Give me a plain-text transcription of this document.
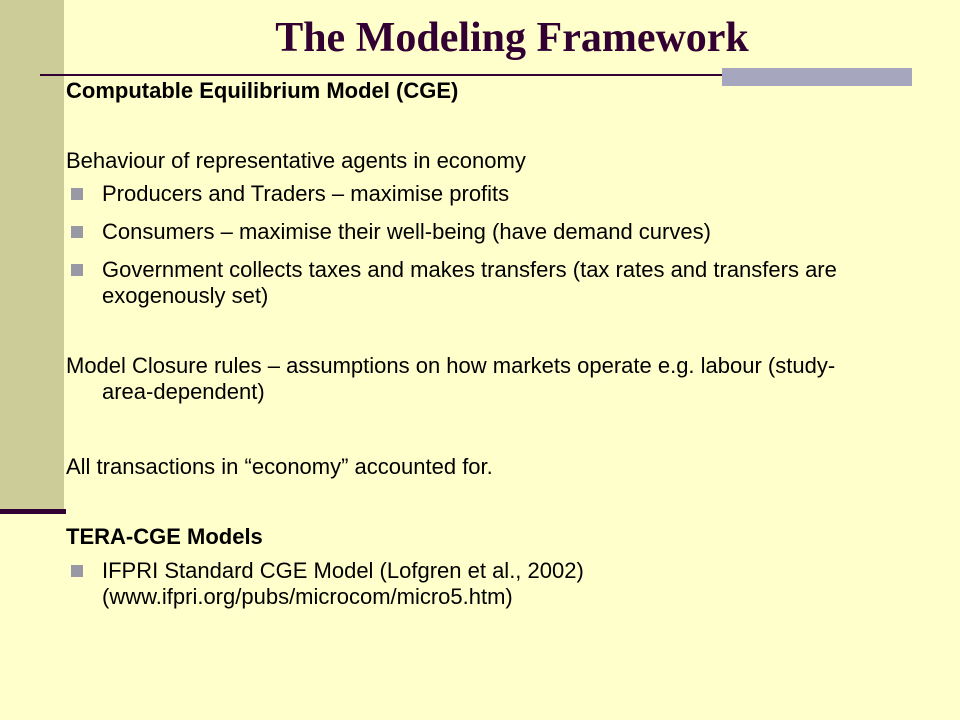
The Modeling Framework

Computable Equilibrium Model (CGE)

Behaviour of representative agents in economy

Producers and Traders – maximise profits
Consumers – maximise their well-being (have demand curves)
Government collects taxes and makes transfers (tax rates and transfers are exogenously set)

Model Closure rules – assumptions on how markets operate e.g. labour (study-area-dependent)

All transactions in “economy” accounted for.

TERA-CGE Models

IFPRI Standard CGE Model (Lofgren et al., 2002) (www.ifpri.org/pubs/microcom/micro5.htm)
